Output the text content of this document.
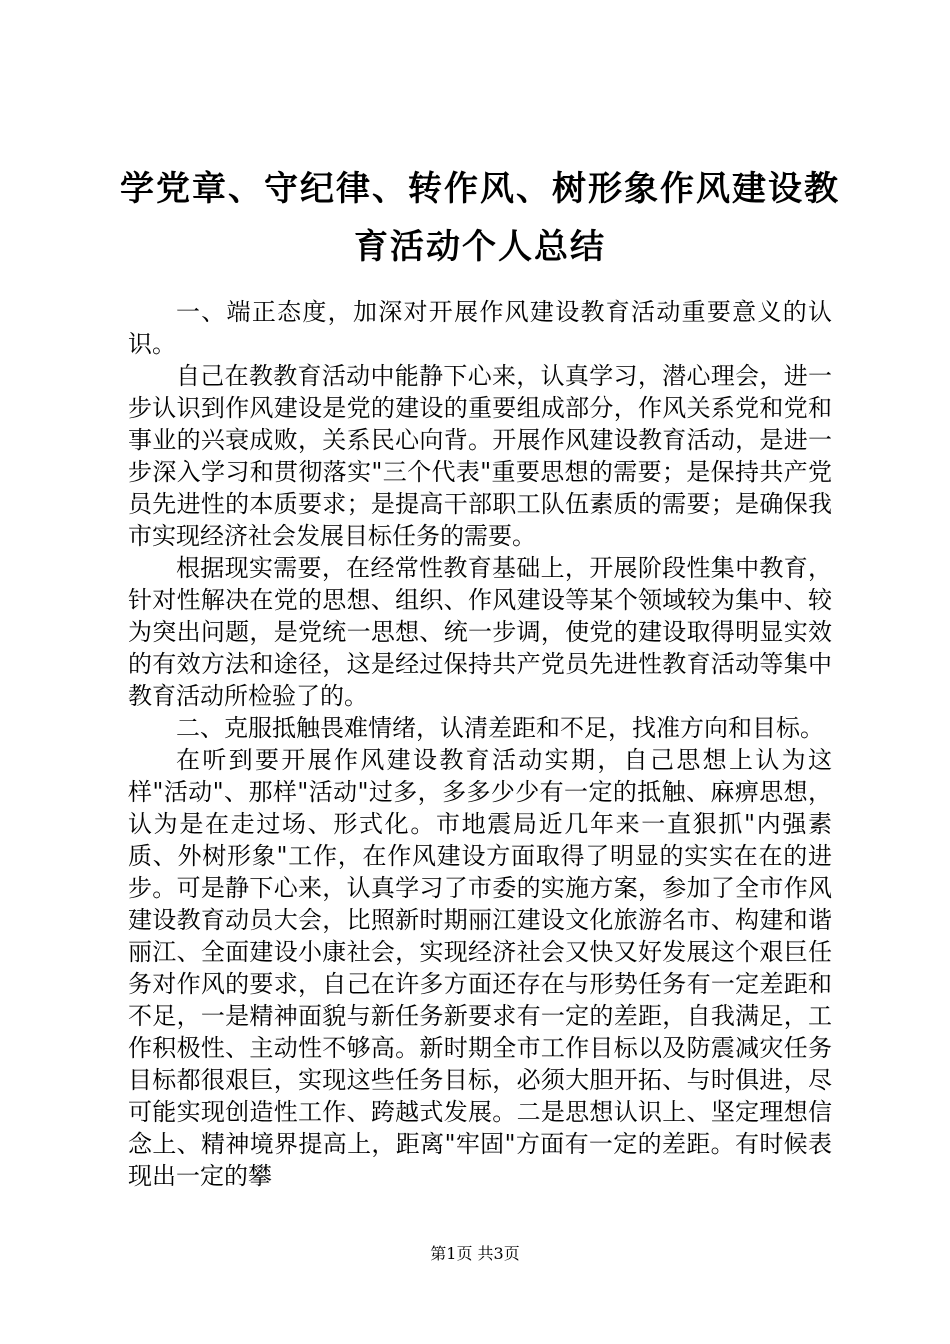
学党章、守纪律、转作风、树形象作风建设教育活动个人总结

一、端正态度，加深对开展作风建设教育活动重要意义的认识。

自己在教教育活动中能静下心来，认真学习，潜心理会，进一步认识到作风建设是党的建设的重要组成部分，作风关系党和党和事业的兴衰成败，关系民心向背。开展作风建设教育活动，是进一步深入学习和贯彻落实"三个代表"重要思想的需要；是保持共产党员先进性的本质要求；是提高干部职工队伍素质的需要；是确保我市实现经济社会发展目标任务的需要。

根据现实需要，在经常性教育基础上，开展阶段性集中教育，针对性解决在党的思想、组织、作风建设等某个领域较为集中、较为突出问题，是党统一思想、统一步调，使党的建设取得明显实效的有效方法和途径，这是经过保持共产党员先进性教育活动等集中教育活动所检验了的。

二、克服抵触畏难情绪，认清差距和不足，找准方向和目标。

在听到要开展作风建设教育活动实期，自己思想上认为这样"活动"、那样"活动"过多，多多少少有一定的抵触、麻痹思想，认为是在走过场、形式化。市地震局近几年来一直狠抓"内强素质、外树形象"工作，在作风建设方面取得了明显的实实在在的进步。可是静下心来，认真学习了市委的实施方案，参加了全市作风建设教育动员大会，比照新时期丽江建设文化旅游名市、构建和谐丽江、全面建设小康社会，实现经济社会又快又好发展这个艰巨任务对作风的要求，自己在许多方面还存在与形势任务有一定差距和不足，一是精神面貌与新任务新要求有一定的差距，自我满足，工作积极性、主动性不够高。新时期全市工作目标以及防震减灾任务目标都很艰巨，实现这些任务目标，必须大胆开拓、与时俱进，尽可能实现创造性工作、跨越式发展。二是思想认识上、坚定理想信念上、精神境界提高上，距离"牢固"方面有一定的差距。有时候表现出一定的攀

第1页 共3页
